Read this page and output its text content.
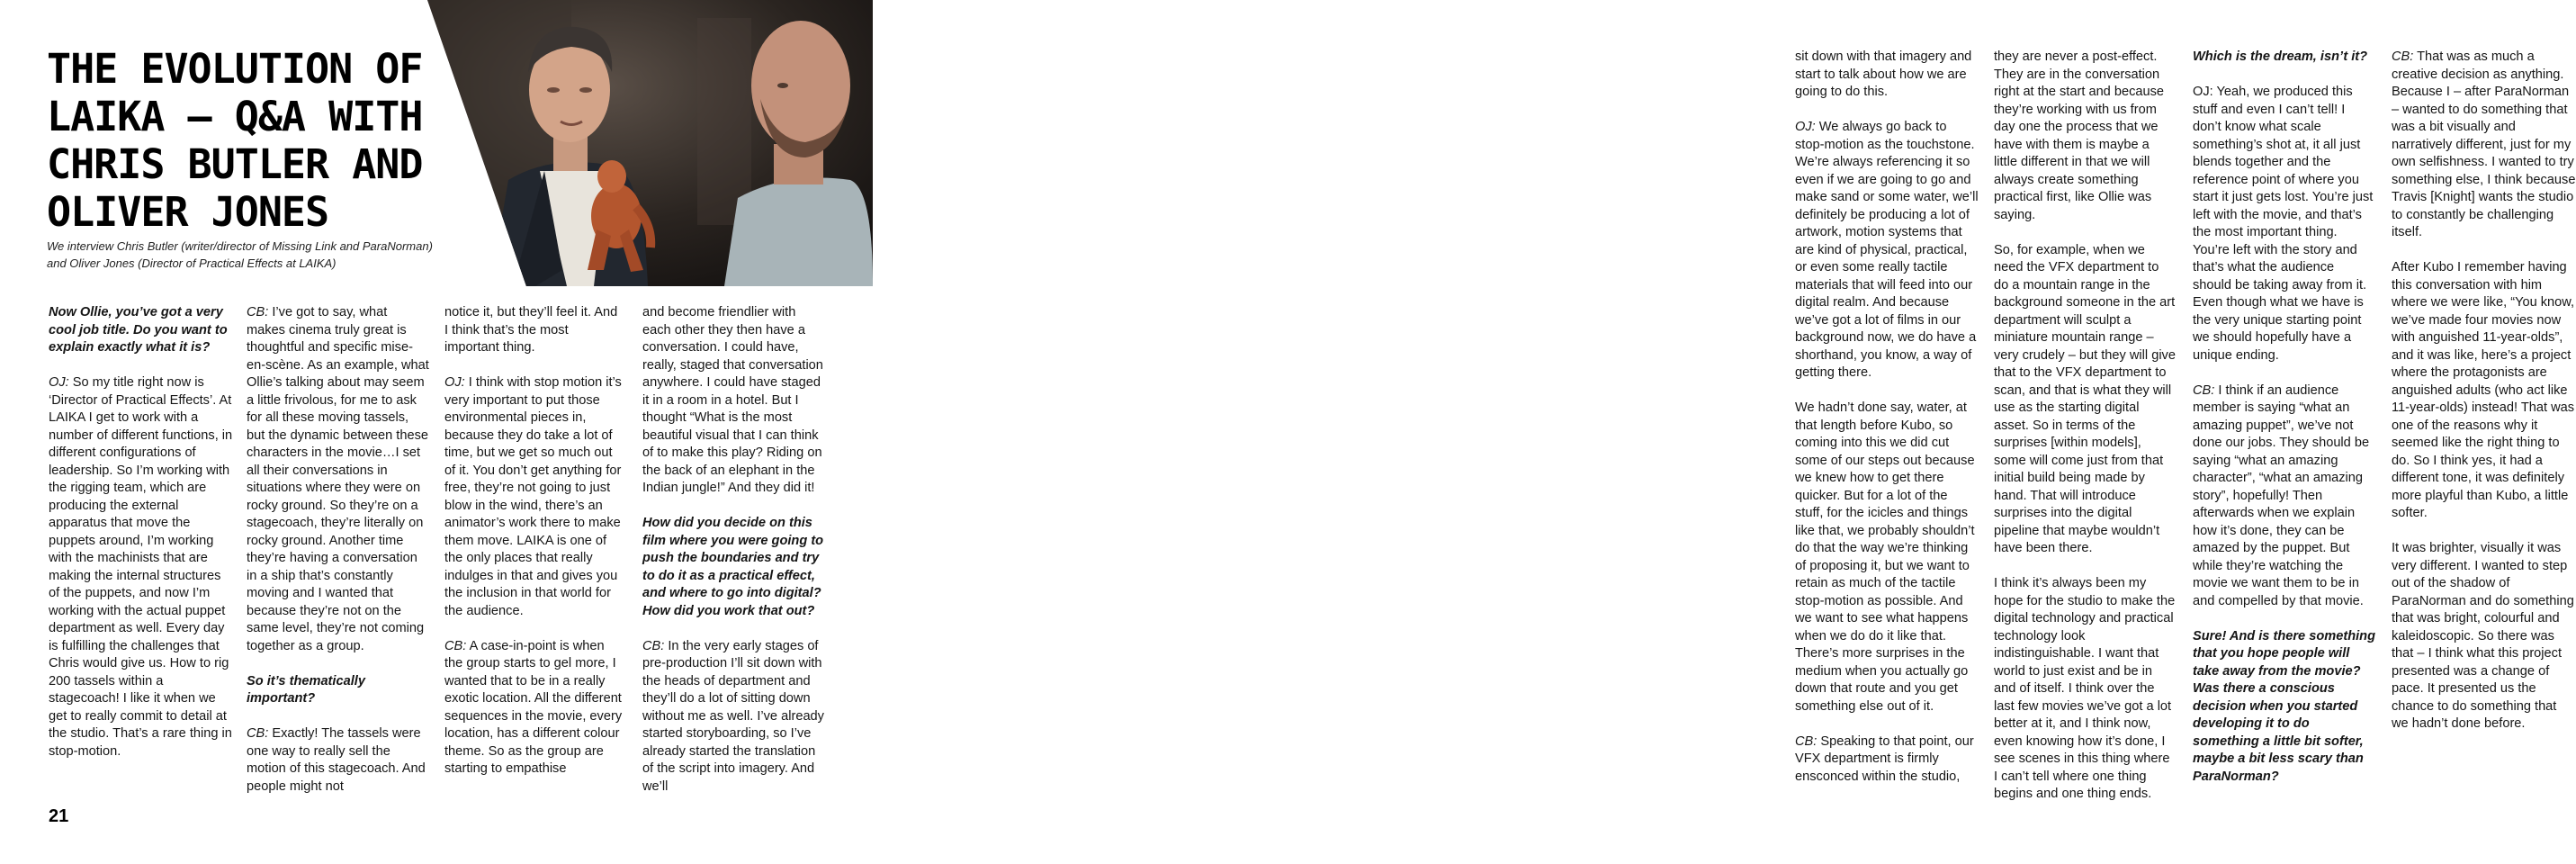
THE EVOLUTION OF LAIKA – Q&A WITH CHRIS BUTLER AND OLIVER JONES

We interview Chris Butler (writer/director of Missing Link and ParaNorman) and Oliver Jones (Director of Practical Effects at LAIKA)

Now Ollie, you’ve got a very cool job title. Do you want to explain exactly what it is?

OJ: So my title right now is ‘Director of Practical Effects’. At LAIKA I get to work with a number of different functions, in different configurations of leadership. So I’m working with the rigging team, which are producing the external apparatus that move the puppets around, I’m working with the machinists that are making the internal structures of the puppets, and now I’m working with the actual puppet department as well. Every day is fulfilling the challenges that Chris would give us. How to rig 200 tassels within a stagecoach! I like it when we get to really commit to detail at the studio. That’s a rare thing in stop-motion.

CB: I’ve got to say, what makes cinema truly great is thoughtful and specific mise-en-scène. As an example, what Ollie’s talking about may seem a little frivolous, for me to ask for all these moving tassels, but the dynamic between these characters in the movie…I set all their conversations in situations where they were on rocky ground. So they’re on a stagecoach, they’re literally on rocky ground. Another time they’re having a conversation in a ship that’s constantly moving and I wanted that because they’re not on the same level, they’re not coming together as a group.

So it’s thematically important?

CB: Exactly! The tassels were one way to really sell the motion of this stagecoach. And people might not

notice it, but they’ll feel it. And I think that’s the most important thing.

OJ: I think with stop motion it’s very important to put those environmental pieces in, because they do take a lot of time, but we get so much out of it. You don’t get anything for free, they’re not going to just blow in the wind, there’s an animator’s work there to make them move. LAIKA is one of the only places that really indulges in that and gives you the inclusion in that world for the audience.

CB: A case-in-point is when the group starts to gel more, I wanted that to be in a really exotic location. All the different sequences in the movie, every location, has a different colour theme. So as the group are starting to empathise

and become friendlier with each other they then have a conversation. I could have, really, staged that conversation anywhere. I could have staged it in a room in a hotel. But I thought “What is the most beautiful visual that I can think of to make this play? Riding on the back of an elephant in the Indian jungle!” And they did it!

How did you decide on this film where you were going to push the boundaries and try to do it as a practical effect, and where to go into digital? How did you work that out?

CB: In the very early stages of pre-production I’ll sit down with the heads of department and they’ll do a lot of sitting down without me as well. I’ve already started storyboarding, so I’ve already started the translation of the script into imagery. And we’ll

21

sit down with that imagery and start to talk about how we are going to do this.

OJ: We always go back to stop-motion as the touchstone. We’re always referencing it so even if we are going to go and make sand or some water, we’ll definitely be producing a lot of artwork, motion systems that are kind of physical, practical, or even some really tactile materials that will feed into our digital realm. And because we’ve got a lot of films in our background now, we do have a shorthand, you know, a way of getting there.

We hadn’t done say, water, at that length before Kubo, so coming into this we did cut some of our steps out because we knew how to get there quicker. But for a lot of the stuff, for the icicles and things like that, we probably shouldn’t do that the way we’re thinking of proposing it, but we want to retain as much of the tactile stop-motion as possible. And we want to see what happens when we do do it like that. There’s more surprises in the medium when you actually go down that route and you get something else out of it.

CB: Speaking to that point, our VFX department is firmly ensconced within the studio,

they are never a post-effect. They are in the conversation right at the start and because they’re working with us from day one the process that we have with them is maybe a little different in that we will always create something practical first, like Ollie was saying.

So, for example, when we need the VFX department to do a mountain range in the background someone in the art department will sculpt a miniature mountain range – very crudely – but they will give that to the VFX department to scan, and that is what they will use as the starting digital asset. So in terms of the surprises [within models], some will come just from that initial build being made by hand. That will introduce surprises into the digital pipeline that maybe wouldn’t have been there.

I think it’s always been my hope for the studio to make the digital technology and practical technology look indistinguishable. I want that world to just exist and be in and of itself. I think over the last few movies we’ve got a lot better at it, and I think now, even knowing how it’s done, I see scenes in this thing where I can’t tell where one thing begins and one thing ends.

Which is the dream, isn’t it?

OJ: Yeah, we produced this stuff and even I can’t tell! I don’t know what scale something’s shot at, it all just blends together and the reference point of where you start it just gets lost. You’re just left with the movie, and that’s the most important thing. You’re left with the story and that’s what the audience should be taking away from it. Even though what we have is the very unique starting point we should hopefully have a unique ending.

CB: I think if an audience member is saying “what an amazing puppet”, we’ve not done our jobs. They should be saying “what an amazing character”, “what an amazing story”, hopefully! Then afterwards when we explain how it’s done, they can be amazed by the puppet. But while they’re watching the movie we want them to be in and compelled by that movie.

Sure! And is there something that you hope people will take away from the movie? Was there a conscious decision when you started developing it to do something a little bit softer, maybe a bit less scary than ParaNorman?

CB: That was as much a creative decision as anything. Because I – after ParaNorman – wanted to do something that was a bit visually and narratively different, just for my own selfishness. I wanted to try something else, I think because Travis [Knight] wants the studio to constantly be challenging itself.

After Kubo I remember having this conversation with him where we were like, “You know, we’ve made four movies now with anguished 11-year-olds”, and it was like, here’s a project where the protagonists are anguished adults (who act like 11-year-olds) instead! That was one of the reasons why it seemed like the right thing to do. So I think yes, it had a different tone, it was definitely more playful than Kubo, a little softer.

It was brighter, visually it was very different. I wanted to step out of the shadow of ParaNorman and do something that was bright, colourful and kaleidoscopic. So there was that – I think what this project presented was a change of pace. It presented us the chance to do something that we hadn’t done before.
